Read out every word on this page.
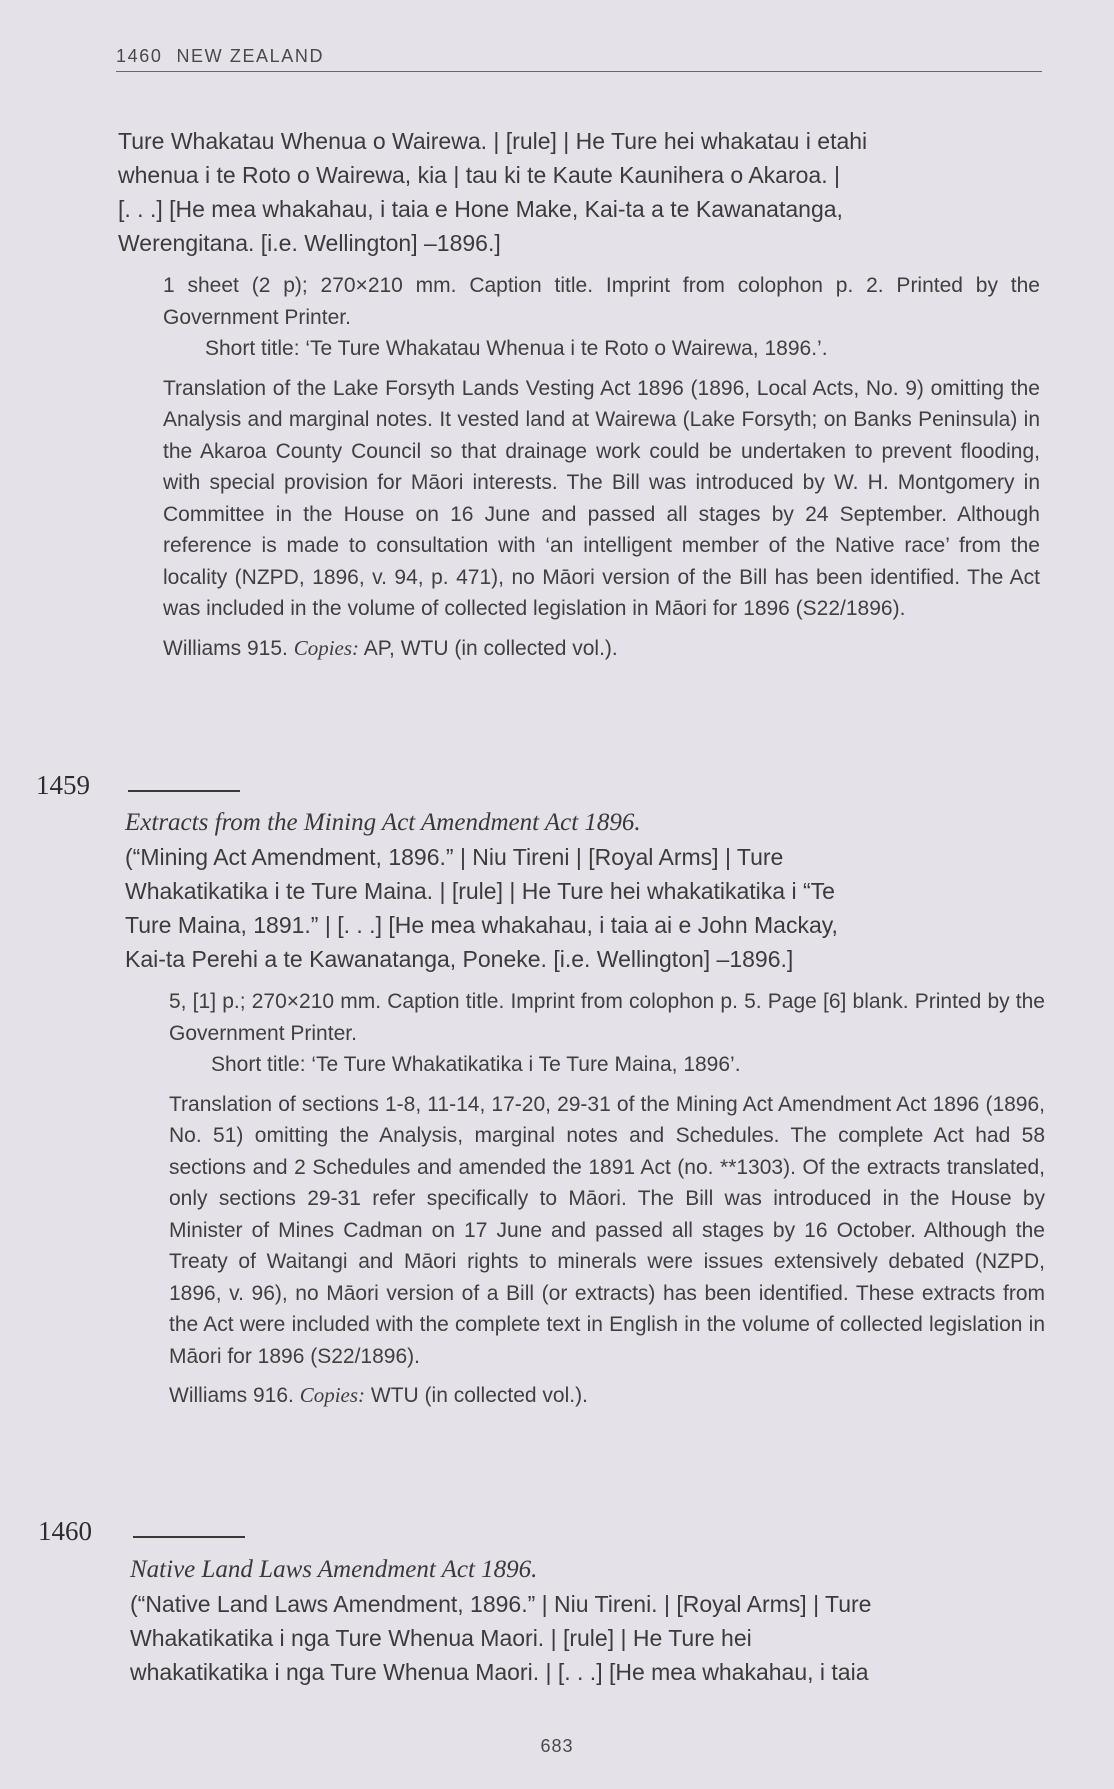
1460 NEW ZEALAND

Ture Whakatau Whenua o Wairewa. | [rule] | He Ture hei whakatau i etahi
whenua i te Roto o Wairewa, kia | tau ki te Kaute Kaunihera o Akaroa. |
[. . .] [He mea whakahau, i taia e Hone Make, Kai-ta a te Kawanatanga,
Werengitana. [i.e. Wellington] –1896.]

1 sheet (2 p); 270×210 mm. Caption title. Imprint from colophon p. 2. Printed by the Government Printer.

Short title: ‘Te Ture Whakatau Whenua i te Roto o Wairewa, 1896.’.

Translation of the Lake Forsyth Lands Vesting Act 1896 (1896, Local Acts, No. 9) omitting the Analysis and marginal notes. It vested land at Wairewa (Lake Forsyth; on Banks Peninsula) in the Akaroa County Council so that drainage work could be undertaken to prevent flooding, with special provision for Māori interests. The Bill was introduced by W. H. Montgomery in Committee in the House on 16 June and passed all stages by 24 September. Although reference is made to consultation with ‘an intelligent member of the Native race’ from the locality (NZPD, 1896, v. 94, p. 471), no Māori version of the Bill has been identified. The Act was included in the volume of collected legislation in Māori for 1896 (S22/1896).

Williams 915. Copies: AP, WTU (in collected vol.).

1459

Extracts from the Mining Act Amendment Act 1896.

(“Mining Act Amendment, 1896.” | Niu Tireni | [Royal Arms] | Ture
Whakatikatika i te Ture Maina. | [rule] | He Ture hei whakatikatika i “Te
Ture Maina, 1891.” | [. . .] [He mea whakahau, i taia ai e John Mackay,
Kai-ta Perehi a te Kawanatanga, Poneke. [i.e. Wellington] –1896.]

5, [1] p.; 270×210 mm. Caption title. Imprint from colophon p. 5. Page [6] blank. Printed by the Government Printer.

Short title: ‘Te Ture Whakatikatika i Te Ture Maina, 1896’.

Translation of sections 1-8, 11-14, 17-20, 29-31 of the Mining Act Amendment Act 1896 (1896, No. 51) omitting the Analysis, marginal notes and Schedules. The complete Act had 58 sections and 2 Schedules and amended the 1891 Act (no. **1303). Of the extracts translated, only sections 29-31 refer specifically to Māori. The Bill was introduced in the House by Minister of Mines Cadman on 17 June and passed all stages by 16 October. Although the Treaty of Waitangi and Māori rights to minerals were issues extensively debated (NZPD, 1896, v. 96), no Māori version of a Bill (or extracts) has been identified. These extracts from the Act were included with the complete text in English in the volume of collected legislation in Māori for 1896 (S22/1896).

Williams 916. Copies: WTU (in collected vol.).

1460

Native Land Laws Amendment Act 1896.

(“Native Land Laws Amendment, 1896.” | Niu Tireni. | [Royal Arms] | Ture
Whakatikatika i nga Ture Whenua Maori. | [rule] | He Ture hei
whakatikatika i nga Ture Whenua Maori. | [. . .] [He mea whakahau, i taia

683
